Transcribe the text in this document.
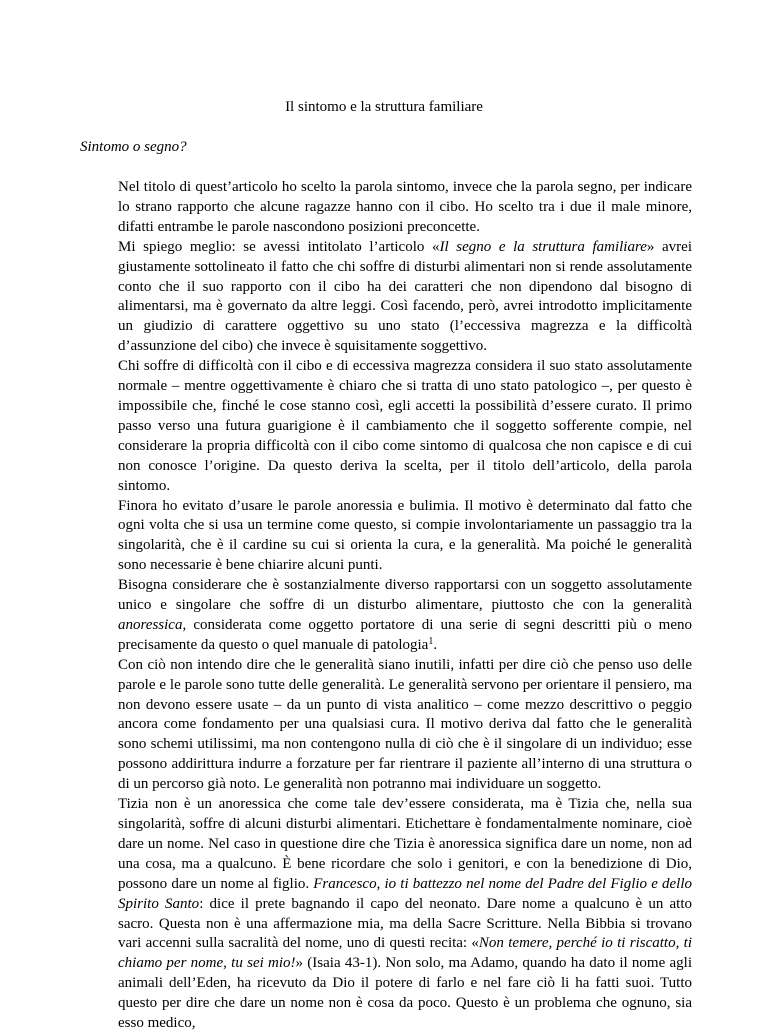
Il sintomo e la struttura familiare
Sintomo o segno?

Nel titolo di quest’articolo ho scelto la parola sintomo, invece che la parola segno, per indicare lo strano rapporto che alcune ragazze hanno con il cibo. Ho scelto tra i due il male minore, difatti entrambe le parole nascondono posizioni preconcette.

Mi spiego meglio: se avessi intitolato l’articolo «Il segno e la struttura familiare» avrei giustamente sottolineato il fatto che chi soffre di disturbi alimentari non si rende assolutamente conto che il suo rapporto con il cibo ha dei caratteri che non dipendono dal bisogno di alimentarsi, ma è governato da altre leggi. Così facendo, però, avrei introdotto implicitamente un giudizio di carattere oggettivo su uno stato (l’eccessiva magrezza e la difficoltà d’assunzione del cibo) che invece è squisitamente soggettivo.

Chi soffre di difficoltà con il cibo e di eccessiva magrezza considera il suo stato assolutamente normale – mentre oggettivamente è chiaro che si tratta di uno stato patologico –, per questo è impossibile che, finché le cose stanno così, egli accetti la possibilità d’essere curato. Il primo passo verso una futura guarigione è il cambiamento che il soggetto sofferente compie, nel considerare la propria difficoltà con il cibo come sintomo di qualcosa che non capisce e di cui non conosce l’origine. Da questo deriva la scelta, per il titolo dell’articolo, della parola sintomo.

Finora ho evitato d’usare le parole anoressia e bulimia. Il motivo è determinato dal fatto che ogni volta che si usa un termine come questo, si compie involontariamente un passaggio tra la singolarità, che è il cardine su cui si orienta la cura, e la generalità. Ma poiché le generalità sono necessarie è bene chiarire alcuni punti.

Bisogna considerare che è sostanzialmente diverso rapportarsi con un soggetto assolutamente unico e singolare che soffre di un disturbo alimentare, piuttosto che con la generalità anoressica, considerata come oggetto portatore di una serie di segni descritti più o meno precisamente da questo o quel manuale di patologia$^1$.

Con ciò non intendo dire che le generalità siano inutili, infatti per dire ciò che penso uso delle parole e le parole sono tutte delle generalità. Le generalità servono per orientare il pensiero, ma non devono essere usate – da un punto di vista analitico – come mezzo descrittivo o peggio ancora come fondamento per una qualsiasi cura. Il motivo deriva dal fatto che le generalità sono schemi utilissimi, ma non contengono nulla di ciò che è il singolare di un individuo; esse possono addirittura indurre a forzature per far rientrare il paziente all’interno di una struttura o di un percorso già noto. Le generalità non potranno mai individuare un soggetto.

Tizia non è un anoressica che come tale dev’essere considerata, ma è Tizia che, nella sua singolarità, soffre di alcuni disturbi alimentari. Etichettare è fondamentalmente nominare, cioè dare un nome. Nel caso in questione dire che Tizia è anoressica significa dare un nome, non ad una cosa, ma a qualcuno. È bene ricordare che solo i genitori, e con la benedizione di Dio, possono dare un nome al figlio. Francesco, io ti battezzo nel nome del Padre del Figlio e dello Spirito Santo: dice il prete bagnando il capo del neonato. Dare nome a qualcuno è un atto sacro. Questa non è una affermazione mia, ma della Sacre Scritture. Nella Bibbia si trovano vari accenni sulla sacralità del nome, uno di questi recita: «Non temere, perché io ti riscatto, ti chiamo per nome, tu sei mio!» (Isaia 43-1). Non solo, ma Adamo, quando ha dato il nome agli animali dell’Eden, ha ricevuto da Dio il potere di farlo e nel fare ciò li ha fatti suoi. Tutto questo per dire che dare un nome non è cosa da poco. Questo è un problema che ognuno, sia esso medico,
